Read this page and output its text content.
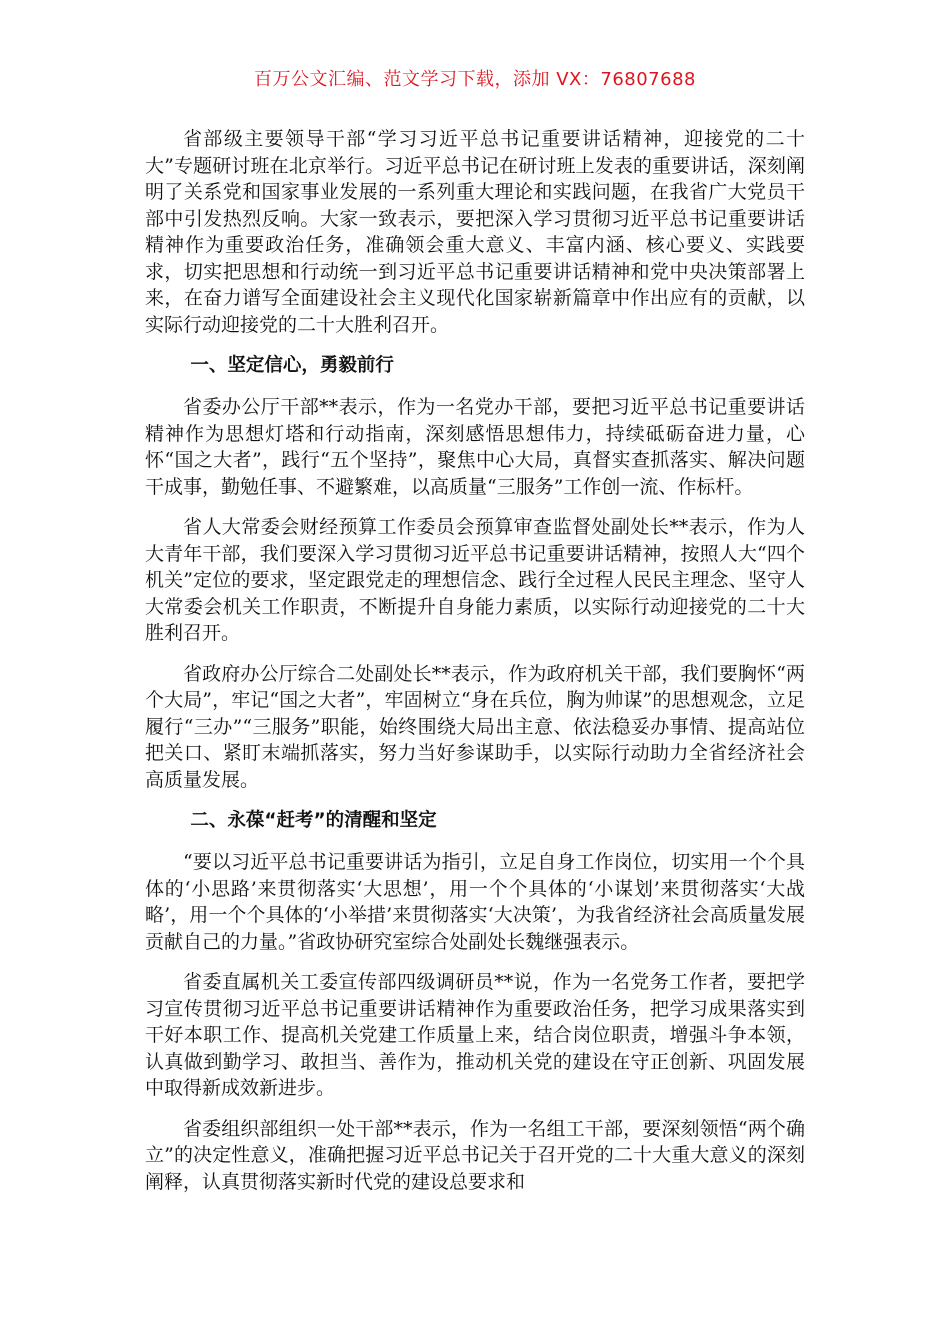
百万公文汇编、范文学习下载，添加 VX：76807688

省部级主要领导干部“学习习近平总书记重要讲话精神，迎接党的二十大”专题研讨班在北京举行。习近平总书记在研讨班上发表的重要讲话，深刻阐明了关系党和国家事业发展的一系列重大理论和实践问题，在我省广大党员干部中引发热烈反响。大家一致表示，要把深入学习贯彻习近平总书记重要讲话精神作为重要政治任务，准确领会重大意义、丰富内涵、核心要义、实践要求，切实把思想和行动统一到习近平总书记重要讲话精神和党中央决策部署上来，在奋力谱写全面建设社会主义现代化国家崭新篇章中作出应有的贡献，以实际行动迎接党的二十大胜利召开。

一、坚定信心，勇毅前行

省委办公厅干部**表示，作为一名党办干部，要把习近平总书记重要讲话精神作为思想灯塔和行动指南，深刻感悟思想伟力，持续砥砺奋进力量，心怀“国之大者”，践行“五个坚持”，聚焦中心大局，真督实查抓落实、解决问题干成事，勤勉任事、不避繁难，以高质量“三服务”工作创一流、作标杆。

省人大常委会财经预算工作委员会预算审查监督处副处长**表示，作为人大青年干部，我们要深入学习贯彻习近平总书记重要讲话精神，按照人大“四个机关”定位的要求，坚定跟党走的理想信念、践行全过程人民民主理念、坚守人大常委会机关工作职责，不断提升自身能力素质，以实际行动迎接党的二十大胜利召开。

省政府办公厅综合二处副处长**表示，作为政府机关干部，我们要胸怀“两个大局”，牢记“国之大者”，牢固树立“身在兵位，胸为帅谋”的思想观念，立足履行“三办”“三服务”职能，始终围绕大局出主意、依法稳妥办事情、提高站位把关口、紧盯末端抓落实，努力当好参谋助手，以实际行动助力全省经济社会高质量发展。

二、永葆“赶考”的清醒和坚定

“要以习近平总书记重要讲话为指引，立足自身工作岗位，切实用一个个具体的‘小思路’来贯彻落实‘大思想’，用一个个具体的‘小谋划’来贯彻落实‘大战略’，用一个个具体的‘小举措’来贯彻落实‘大决策’，为我省经济社会高质量发展贡献自己的力量。”省政协研究室综合处副处长魏继强表示。

省委直属机关工委宣传部四级调研员**说，作为一名党务工作者，要把学习宣传贯彻习近平总书记重要讲话精神作为重要政治任务，把学习成果落实到干好本职工作、提高机关党建工作质量上来，结合岗位职责，增强斗争本领，认真做到勤学习、敢担当、善作为，推动机关党的建设在守正创新、巩固发展中取得新成效新进步。

省委组织部组织一处干部**表示，作为一名组工干部，要深刻领悟“两个确立”的决定性意义，准确把握习近平总书记关于召开党的二十大重大意义的深刻阐释，认真贯彻落实新时代党的建设总要求和
